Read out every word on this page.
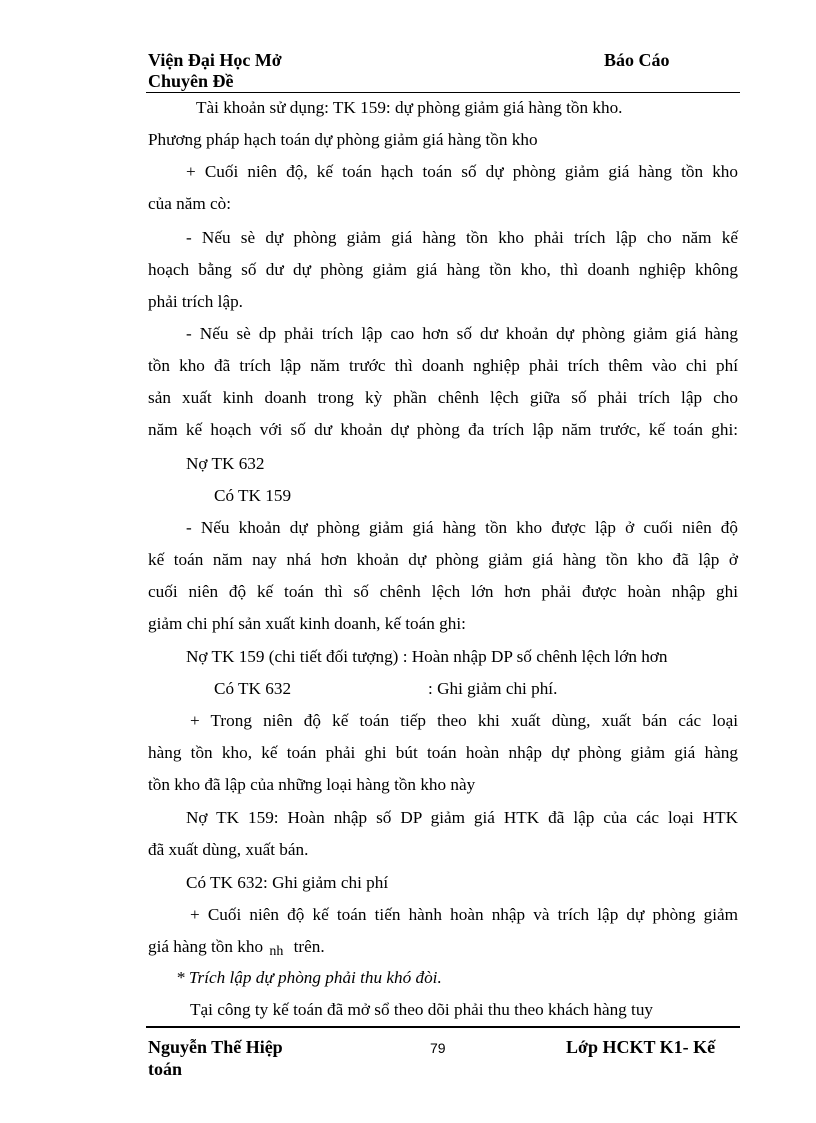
Viện Đại Học Mở
Chuyên Đề
Báo Cáo
Tài khoản sử dụng: TK 159: dự phòng giảm giá hàng tồn kho.
Phương pháp hạch toán dự phòng giảm giá hàng tồn kho
+ Cuối niên độ, kế toán hạch toán số dự phòng giảm giá hàng tồn kho
của năm cò:
- Nếu sè dự phòng giảm giá hàng tồn kho phải trích lập cho năm kế
hoạch bằng số dư dự phòng giảm giá hàng tồn kho, thì doanh nghiệp không
phải trích lập.
- Nếu sè dp phải trích lập cao hơn số dư khoản dự phòng giảm giá hàng
tồn kho đã trích lập năm trước thì doanh nghiệp phải trích thêm vào chi phí
sản xuất kinh doanh trong kỳ phần chênh lệch giữa số phải trích lập cho
năm kế hoạch với số dư khoản dự phòng đa trích lập năm trước, kế toán ghi:
Nợ TK 632
Có TK 159
- Nếu khoản dự phòng giảm giá hàng tồn kho được lập ở cuối niên độ
kế toán năm nay nhá hơn khoản dự phòng giảm giá hàng tồn kho đã lập ở
cuối niên độ kế toán thì số chênh lệch lớn hơn phải được hoàn nhập ghi
giảm chi phí sản xuất kinh doanh, kế toán ghi:
Nợ TK 159 (chi tiết đối tượng) : Hoàn nhập DP số chênh lệch lớn hơn
Có TK 632	: Ghi giảm chi phí.
+ Trong niên độ kế toán tiếp theo khi xuất dùng, xuất bán các loại
hàng tồn kho, kế toán phải ghi bút toán hoàn nhập dự phòng giảm giá hàng
tồn kho đã lập của những loại hàng tồn kho này
Nợ TK 159: Hoàn nhập số DP giảm giá HTK đã lập của các loại HTK
đã xuất dùng, xuất bán.
Có TK 632: Ghi giảm chi phí
+ Cuối niên độ kế toán tiến hành hoàn nhập và trích lập dự phòng giảm
giá hàng tồn kho nh trên.
* Trích lập dự phòng phải thu khó đòi.
Tại công ty kế toán đã mở sổ theo dõi phải thu theo khách hàng tuy
Nguyễn Thế Hiệp
toán
79	Lớp HCKT K1- Kế
